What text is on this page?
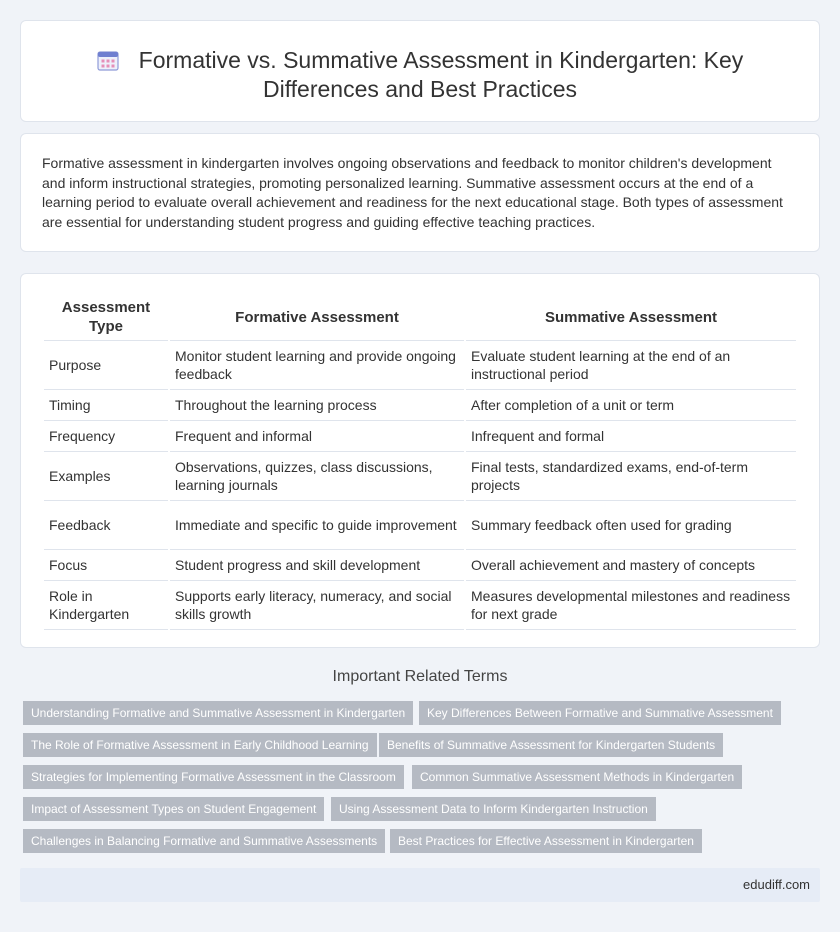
Formative vs. Summative Assessment in Kindergarten: Key
Differences and Best Practices

Formative assessment in kindergarten involves ongoing observations and feedback to monitor children's development and inform instructional strategies, promoting personalized learning. Summative assessment occurs at the end of a learning period to evaluate overall achievement and readiness for the next educational stage. Both types of assessment are essential for understanding student progress and guiding effective teaching practices.

Assessment Type	Formative Assessment	Summative Assessment
Purpose	Monitor student learning and provide ongoing feedback	Evaluate student learning at the end of an instructional period
Timing	Throughout the learning process	After completion of a unit or term
Frequency	Frequent and informal	Infrequent and formal
Examples	Observations, quizzes, class discussions, learning journals	Final tests, standardized exams, end-of-term projects
Feedback	Immediate and specific to guide improvement	Summary feedback often used for grading
Focus	Student progress and skill development	Overall achievement and mastery of concepts
Role in Kindergarten	Supports early literacy, numeracy, and social skills growth	Measures developmental milestones and readiness for next grade
Important Related Terms
Understanding Formative and Summative Assessment in Kindergarten	Key Differences Between Formative and Summative Assessment
The Role of Formative Assessment in Early Childhood Learning	Benefits of Summative Assessment for Kindergarten Students
Strategies for Implementing Formative Assessment in the Classroom	Common Summative Assessment Methods in Kindergarten
Impact of Assessment Types on Student Engagement	Using Assessment Data to Inform Kindergarten Instruction
Challenges in Balancing Formative and Summative Assessments	Best Practices for Effective Assessment in Kindergarten
edudiff.com
